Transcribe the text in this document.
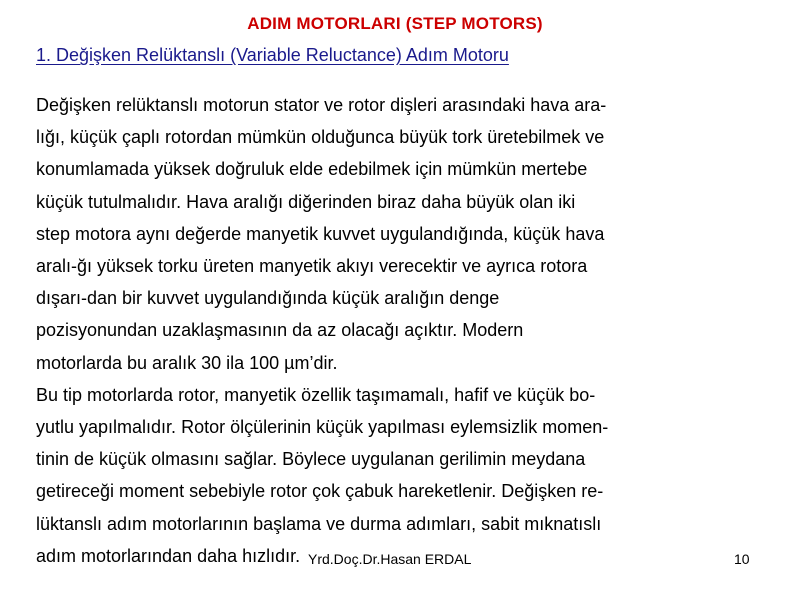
ADIM MOTORLARI (STEP MOTORS)
1. Değişken Relüktanslı (Variable Reluctance) Adım Motoru
Değişken relüktanslı motorun stator ve rotor dişleri arasındaki hava ara-
lığı, küçük çaplı rotordan mümkün olduğunca büyük tork üretebilmek ve
konumlamada yüksek doğruluk elde edebilmek için mümkün mertebe
küçük tutulmalıdır. Hava aralığı diğerinden biraz daha büyük olan iki
step motora aynı değerde manyetik kuvvet uygulandığında, küçük hava
aralı-ğı yüksek torku üreten manyetik akıyı verecektir ve ayrıca rotora
dışarı-dan bir kuvvet uygulandığında küçük aralığın denge
pozisyonundan uzaklaşmasının da az olacağı açıktır. Modern
motorlarda bu aralık 30 ila 100 µm’dir.
Bu tip motorlarda rotor, manyetik özellik taşımamalı, hafif ve küçük bo-
yutlu yapılmalıdır. Rotor ölçülerinin küçük yapılması eylemsizlik momen-
tinin de küçük olmasını sağlar. Böylece uygulanan gerilimin meydana
getireceği moment sebebiyle rotor çok çabuk hareketlenir. Değişken re-
lüktanslı adım motorlarının başlama ve durma adımları, sabit mıknatıslı
adım motorlarından daha hızlıdır. Yrd.Doç.Dr.Hasan ERDAL	10
